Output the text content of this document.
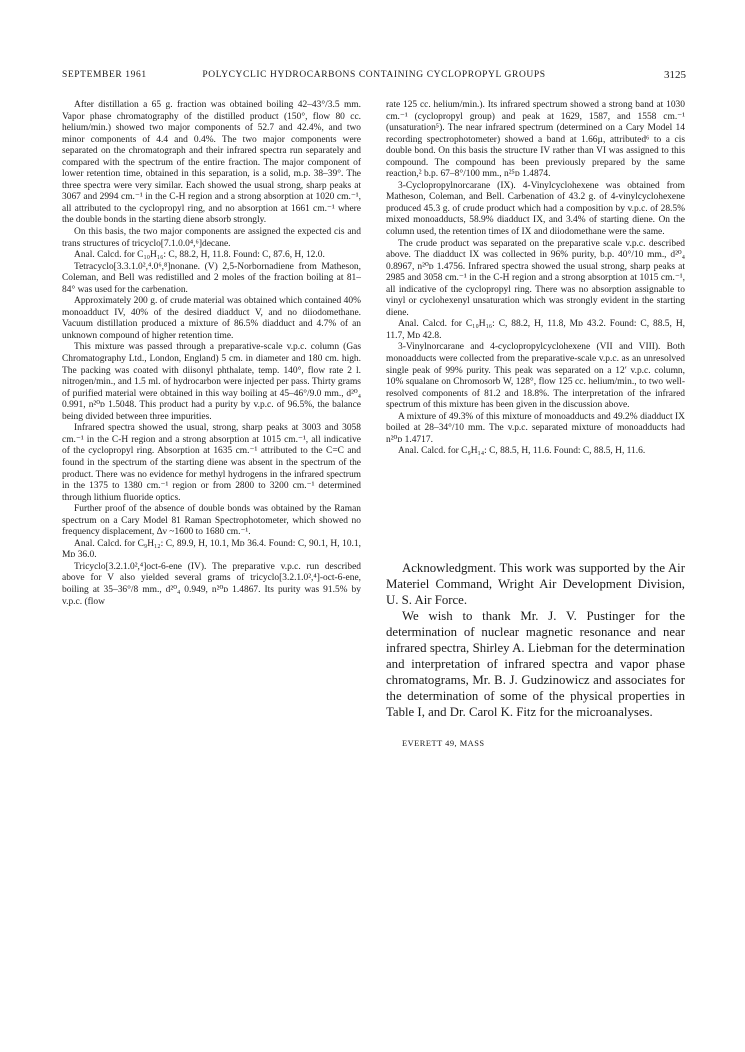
SEPTEMBER 1961	POLYCYCLIC HYDROCARBONS CONTAINING CYCLOPROPYL GROUPS	3125

After distillation a 65 g. fraction was obtained boiling 42–43°/3.5 mm. Vapor phase chromatography of the distilled product (150°, flow 80 cc. helium/min.) showed two major components of 52.7 and 42.4%, and two minor components of 4.4 and 0.4%. The two major components were separated on the chromatograph and their infrared spectra run separately and compared with the spectrum of the entire fraction. The major component of lower retention time, obtained in this separation, is a solid, m.p. 38–39°. The three spectra were very similar. Each showed the usual strong, sharp peaks at 3067 and 2994 cm.⁻¹ in the C-H region and a strong absorption at 1020 cm.⁻¹, all attributed to the cyclopropyl ring, and no absorption at 1661 cm.⁻¹ where the double bonds in the starting diene absorb strongly.

On this basis, the two major components are assigned the expected cis and trans structures of tricyclo[7.1.0.0⁴,⁶]decane.

Anal. Calcd. for C₁₀H₁₆: C, 88.2, H, 11.8. Found: C, 87.6, H, 12.0.

Tetracyclo[3.3.1.0²,⁴.0⁶,⁸]nonane. (V) 2,5-Norbornadiene from Matheson, Coleman, and Bell was redistilled and 2 moles of the fraction boiling at 81–84° was used for the carbenation.

Approximately 200 g. of crude material was obtained which contained 40% monoadduct IV, 40% of the desired diadduct V, and no diiodomethane. Vacuum distillation produced a mixture of 86.5% diadduct and 4.7% of an unknown compound of higher retention time.

This mixture was passed through a preparative-scale v.p.c. column (Gas Chromatography Ltd., London, England) 5 cm. in diameter and 180 cm. high. The packing was coated with diisonyl phthalate, temp. 140°, flow rate 2 l. nitrogen/min., and 1.5 ml. of hydrocarbon were injected per pass. Thirty grams of purified material were obtained in this way boiling at 45–46°/9.0 mm., d²⁰₄ 0.991, n²⁰ᴅ 1.5048. This product had a purity by v.p.c. of 96.5%, the balance being divided between three impurities.

Infrared spectra showed the usual, strong, sharp peaks at 3003 and 3058 cm.⁻¹ in the C-H region and a strong absorption at 1015 cm.⁻¹, all indicative of the cyclopropyl ring. Absorption at 1635 cm.⁻¹ attributed to the C=C and found in the spectrum of the starting diene was absent in the spectrum of the product. There was no evidence for methyl hydrogens in the infrared spectrum in the 1375 to 1380 cm.⁻¹ region or from 2800 to 3200 cm.⁻¹ determined through lithium fluoride optics.

Further proof of the absence of double bonds was obtained by the Raman spectrum on a Cary Model 81 Raman Spectrophotometer, which showed no frequency displacement, Δν ~1600 to 1680 cm.⁻¹.

Anal. Calcd. for C₉H₁₂: C, 89.9, H, 10.1, Mᴅ 36.4. Found: C, 90.1, H, 10.1, Mᴅ 36.0.

Tricyclo[3.2.1.0²,⁴]oct-6-ene (IV). The preparative v.p.c. run described above for V also yielded several grams of tricyclo[3.2.1.0²,⁴]-oct-6-ene, boiling at 35–36°/8 mm., d²⁰₄ 0.949, n²⁰ᴅ 1.4867. Its purity was 91.5% by v.p.c. (flow

rate 125 cc. helium/min.). Its infrared spectrum showed a strong band at 1030 cm.⁻¹ (cyclopropyl group) and peak at 1629, 1587, and 1558 cm.⁻¹ (unsaturation⁵). The near infrared spectrum (determined on a Cary Model 14 recording spectrophotometer) showed a band at 1.66µ, attributed⁶ to a cis double bond. On this basis the structure IV rather than VI was assigned to this compound. The compound has been previously prepared by the same reaction,² b.p. 67–8°/100 mm., n²⁵ᴅ 1.4874.

3-Cyclopropylnorcarane (IX). 4-Vinylcyclohexene was obtained from Matheson, Coleman, and Bell. Carbenation of 43.2 g. of 4-vinylcyclohexene produced 45.3 g. of crude product which had a composition by v.p.c. of 28.5% mixed monoadducts, 58.9% diadduct IX, and 3.4% of starting diene. On the column used, the retention times of IX and diiodomethane were the same.

The crude product was separated on the preparative scale v.p.c. described above. The diadduct IX was collected in 96% purity, b.p. 40°/10 mm., d²⁰₄ 0.8967, n²⁰ᴅ 1.4756. Infrared spectra showed the usual strong, sharp peaks at 2985 and 3058 cm.⁻¹ in the C-H region and a strong absorption at 1015 cm.⁻¹, all indicative of the cyclopropyl ring. There was no absorption assignable to vinyl or cyclohexenyl unsaturation which was strongly evident in the starting diene.

Anal. Calcd. for C₁₀H₁₆: C, 88.2, H, 11.8, Mᴅ 43.2. Found: C, 88.5, H, 11.7, Mᴅ 42.8.

3-Vinylnorcarane and 4-cyclopropylcyclohexene (VII and VIII). Both monoadducts were collected from the preparative-scale v.p.c. as an unresolved single peak of 99% purity. This peak was separated on a 12′ v.p.c. column, 10% squalane on Chromosorb W, 128°, flow 125 cc. helium/min., to two well-resolved components of 81.2 and 18.8%. The interpretation of the infrared spectrum of this mixture has been given in the discussion above.

A mixture of 49.3% of this mixture of monoadducts and 49.2% diadduct IX boiled at 28–34°/10 mm. The v.p.c. separated mixture of monoadducts had n²⁰ᴅ 1.4717.

Anal. Calcd. for C₉H₁₄: C, 88.5, H, 11.6. Found: C, 88.5, H, 11.6.

Acknowledgment. This work was supported by the Air Materiel Command, Wright Air Development Division, U. S. Air Force.

We wish to thank Mr. J. V. Pustinger for the determination of nuclear magnetic resonance and near infrared spectra, Shirley A. Liebman for the determination and interpretation of infrared spectra and vapor phase chromatograms, Mr. B. J. Gudzinowicz and associates for the determination of some of the physical properties in Table I, and Dr. Carol K. Fitz for the microanalyses.

EVERETT 49, MASS
